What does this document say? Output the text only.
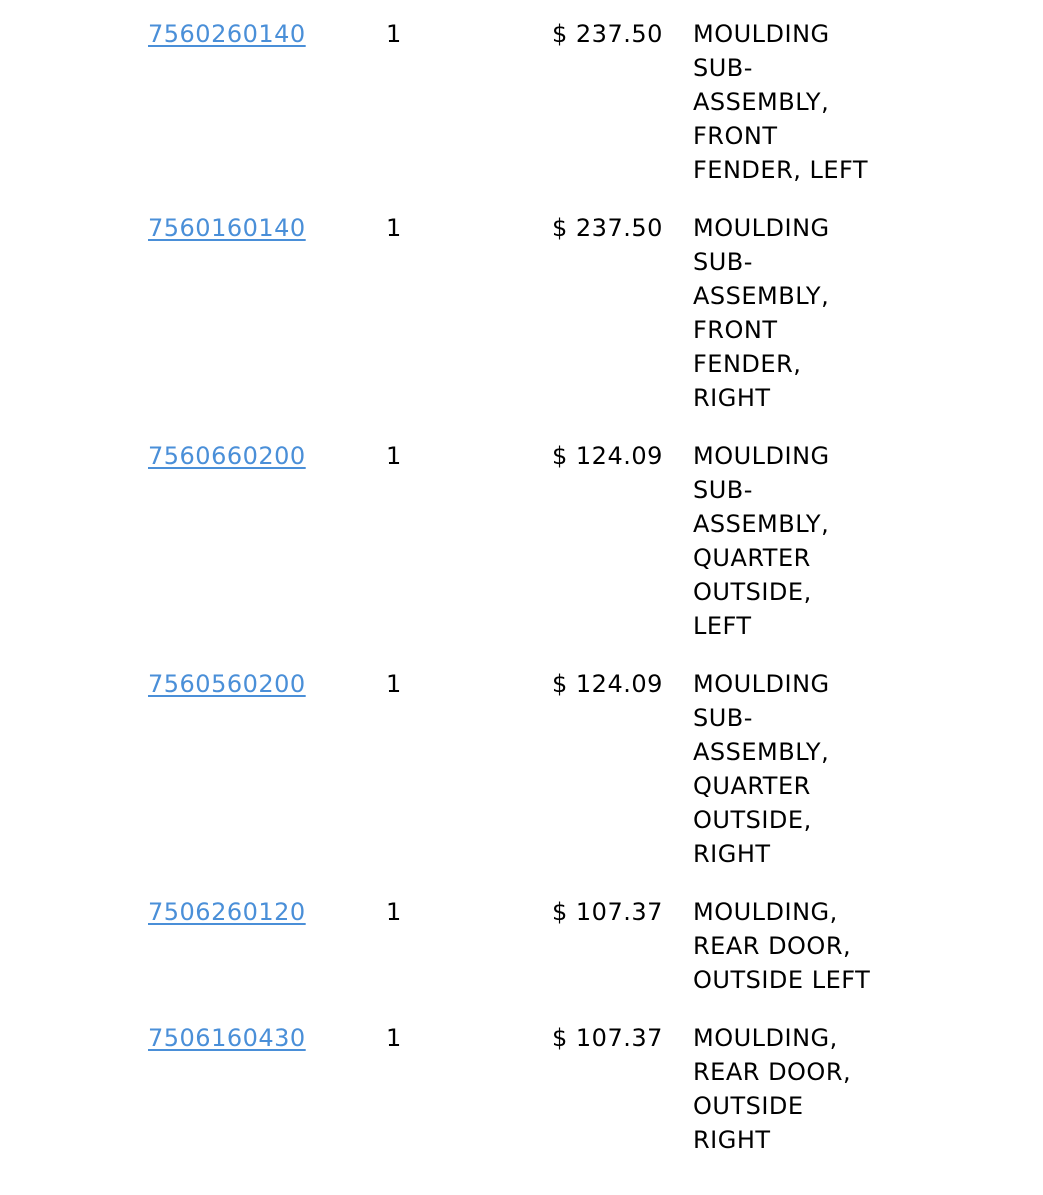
7560260140	1	$ 237.50 MOULDING
SUB-
ASSEMBLY,
FRONT
FENDER, LEFT
7560160140	1	$ 237.50 MOULDING
SUB-
ASSEMBLY,
FRONT
FENDER,
RIGHT
7560660200	1	$ 124.09 MOULDING
SUB-
ASSEMBLY,
QUARTER
OUTSIDE,
LEFT
7560560200	1	$ 124.09 MOULDING
SUB-
ASSEMBLY,
QUARTER
OUTSIDE,
RIGHT
7506260120	1	$ 107.37 MOULDING,
REAR DOOR,
OUTSIDE LEFT
7506160430	1	$ 107.37 MOULDING,
REAR DOOR,
OUTSIDE
RIGHT
